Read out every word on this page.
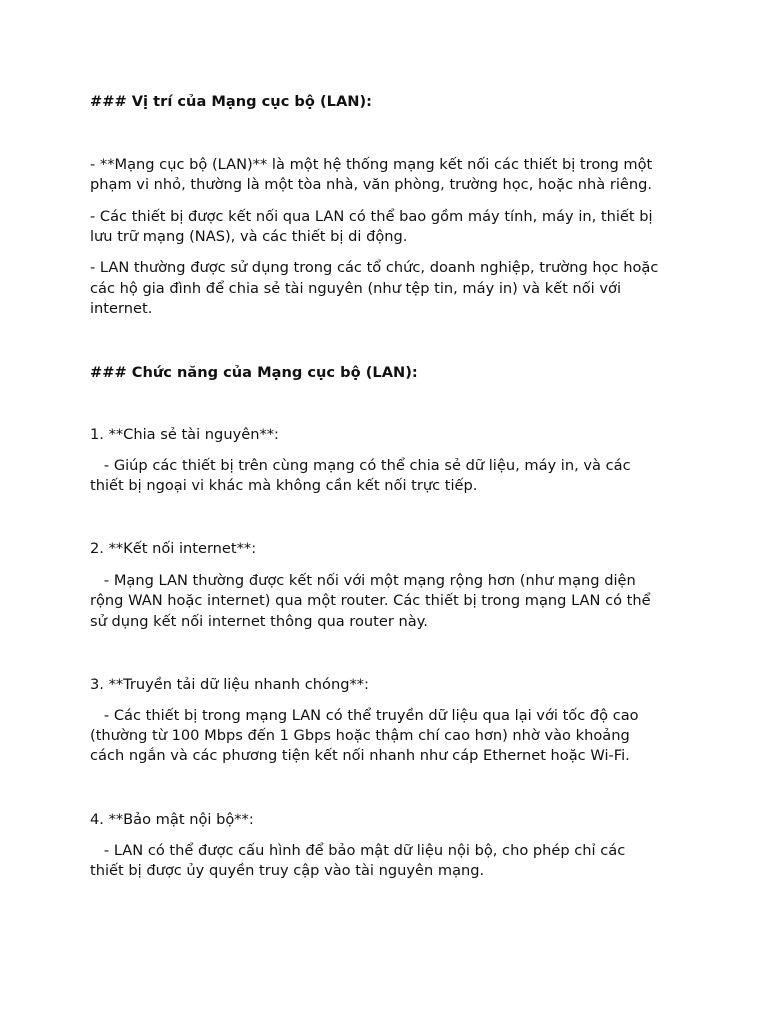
### Vị trí của Mạng cục bộ (LAN):
- **Mạng cục bộ (LAN)** là một hệ thống mạng kết nối các thiết bị trong một
phạm vi nhỏ, thường là một tòa nhà, văn phòng, trường học, hoặc nhà riêng.
- Các thiết bị được kết nối qua LAN có thể bao gồm máy tính, máy in, thiết bị
lưu trữ mạng (NAS), và các thiết bị di động.
- LAN thường được sử dụng trong các tổ chức, doanh nghiệp, trường học hoặc
các hộ gia đình để chia sẻ tài nguyên (như tệp tin, máy in) và kết nối với
internet.
### Chức năng của Mạng cục bộ (LAN):
1. **Chia sẻ tài nguyên**:
- Giúp các thiết bị trên cùng mạng có thể chia sẻ dữ liệu, máy in, và các
thiết bị ngoại vi khác mà không cần kết nối trực tiếp.
2. **Kết nối internet**:
- Mạng LAN thường được kết nối với một mạng rộng hơn (như mạng diện
rộng WAN hoặc internet) qua một router. Các thiết bị trong mạng LAN có thể
sử dụng kết nối internet thông qua router này.
3. **Truyền tải dữ liệu nhanh chóng**:
- Các thiết bị trong mạng LAN có thể truyền dữ liệu qua lại với tốc độ cao
(thường từ 100 Mbps đến 1 Gbps hoặc thậm chí cao hơn) nhờ vào khoảng
cách ngắn và các phương tiện kết nối nhanh như cáp Ethernet hoặc Wi-Fi.
4. **Bảo mật nội bộ**:
- LAN có thể được cấu hình để bảo mật dữ liệu nội bộ, cho phép chỉ các
thiết bị được ủy quyền truy cập vào tài nguyên mạng.
